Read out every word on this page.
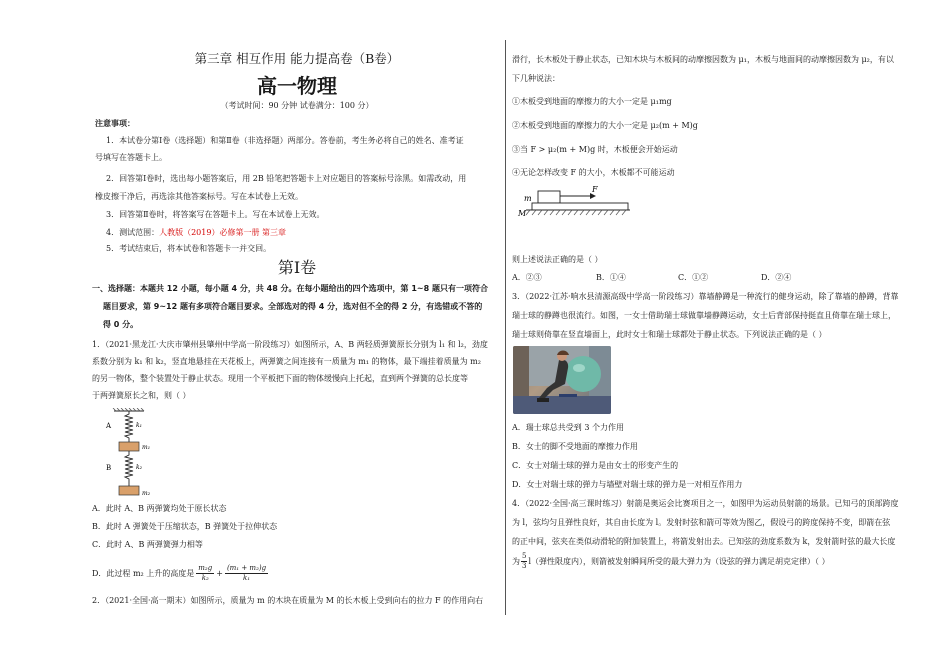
第三章 相互作用 能力提高卷（B卷）
高一物理
（考试时间：90 分钟 试卷满分：100 分）
注意事项：
1．本试卷分第Ⅰ卷（选择题）和第Ⅱ卷（非选择题）两部分。答卷前，考生务必将自己的姓名、准考证
号填写在答题卡上。
2．回答第Ⅰ卷时，选出每小题答案后，用 2B 铅笔把答题卡上对应题目的答案标号涂黑。如需改动，用
橡皮擦干净后，再选涂其他答案标号。写在本试卷上无效。
3．回答第Ⅱ卷时，将答案写在答题卡上。写在本试卷上无效。
4．测试范围：人教版（2019）必修第一册 第三章
5．考试结束后，将本试卷和答题卡一并交回。
第Ⅰ卷
一、选择题：本题共 12 小题，每小题 4 分，共 48 分。在每小题给出的四个选项中，第 1~8 题只有一项符合
题目要求，第 9~12 题有多项符合题目要求。全部选对的得 4 分，选对但不全的得 2 分，有选错或不答的
得 0 分。
1．（2021·黑龙江·大庆市肇州县肇州中学高一阶段练习）如图所示，A、B 两轻质弹簧原长分别为 l₁ 和 l₂，劲度
系数分别为 k₁ 和 k₂，竖直地悬挂在天花板上，两弹簧之间连接有一质量为 m₁ 的物体，最下端挂着质量为 m₂
的另一物体，整个装置处于静止状态。现用一个平板把下面的物体缓慢向上托起，直到两个弹簧的总长度等
于两弹簧原长之和，则（ ）
A	k₁
m₁
B	k₂
m₂
A．此时 A、B 两弹簧均处于原长状态
B．此时 A 弹簧处于压缩状态，B 弹簧处于拉伸状态
C．此时 A、B 两弹簧弹力相等
D．此过程 m₂ 上升的高度是 $\frac{\text{m₂g}}{\text{k₂}} + \frac{\text{(m₁ + m₂)g}}{\text{k₁}}$
2．（2021·全国·高一期末）如图所示，质量为 m 的木块在质量为 M 的长木板上受到向右的拉力 F 的作用向右
滑行，长木板处于静止状态，已知木块与木板间的动摩擦因数为 μ₁，木板与地面间的动摩擦因数为 μ₂，有以
下几种说法：
①木板受到地面的摩擦力的大小一定是 μ₁mg
②木板受到地面的摩擦力的大小一定是 μ₂(m + M)g
③当 F > μ₂(m + M)g 时，木板便会开始运动
④无论怎样改变 F 的大小，木板都不可能运动
F
m
M
则上述说法正确的是（ ）
A．②③	B．①④	C．①②	D．②④
3．（2022·江苏·响水县清源高级中学高一阶段练习）靠墙静蹲是一种流行的健身运动，除了靠墙的静蹲，背靠
瑞士球的静蹲也很流行。如图，一女士借助瑞士球做靠墙静蹲运动，女士后背部保持挺直且倚靠在瑞士球上，
瑞士球则倚靠在竖直墙面上，此时女士和瑞士球都处于静止状态。下列说法正确的是（ ）
A．瑞士球总共受到 3 个力作用
B．女士的脚不受地面的摩擦力作用
C．女士对瑞士球的弹力是由女士的形变产生的
D．女士对瑞士球的弹力与墙壁对瑞士球的弹力是一对相互作用力
4．（2022·全国·高三课时练习）射箭是奥运会比赛项目之一，如图甲为运动员射箭的场景。已知弓的顶部跨度
为 l，弦均匀且弹性良好，其自由长度为 l。发射时弦和箭可等效为图乙，假设弓的跨度保持不变，即箭在弦
的正中间，弦夹在类似动滑轮的附加装置上，将箭发射出去。已知弦的劲度系数为 k，发射箭时弦的最大长度
为 $\frac{5}{3} l$（弹性限度内），则箭被发射瞬间所受的最大弹力为（设弦的弹力满足胡克定律）（ ）
